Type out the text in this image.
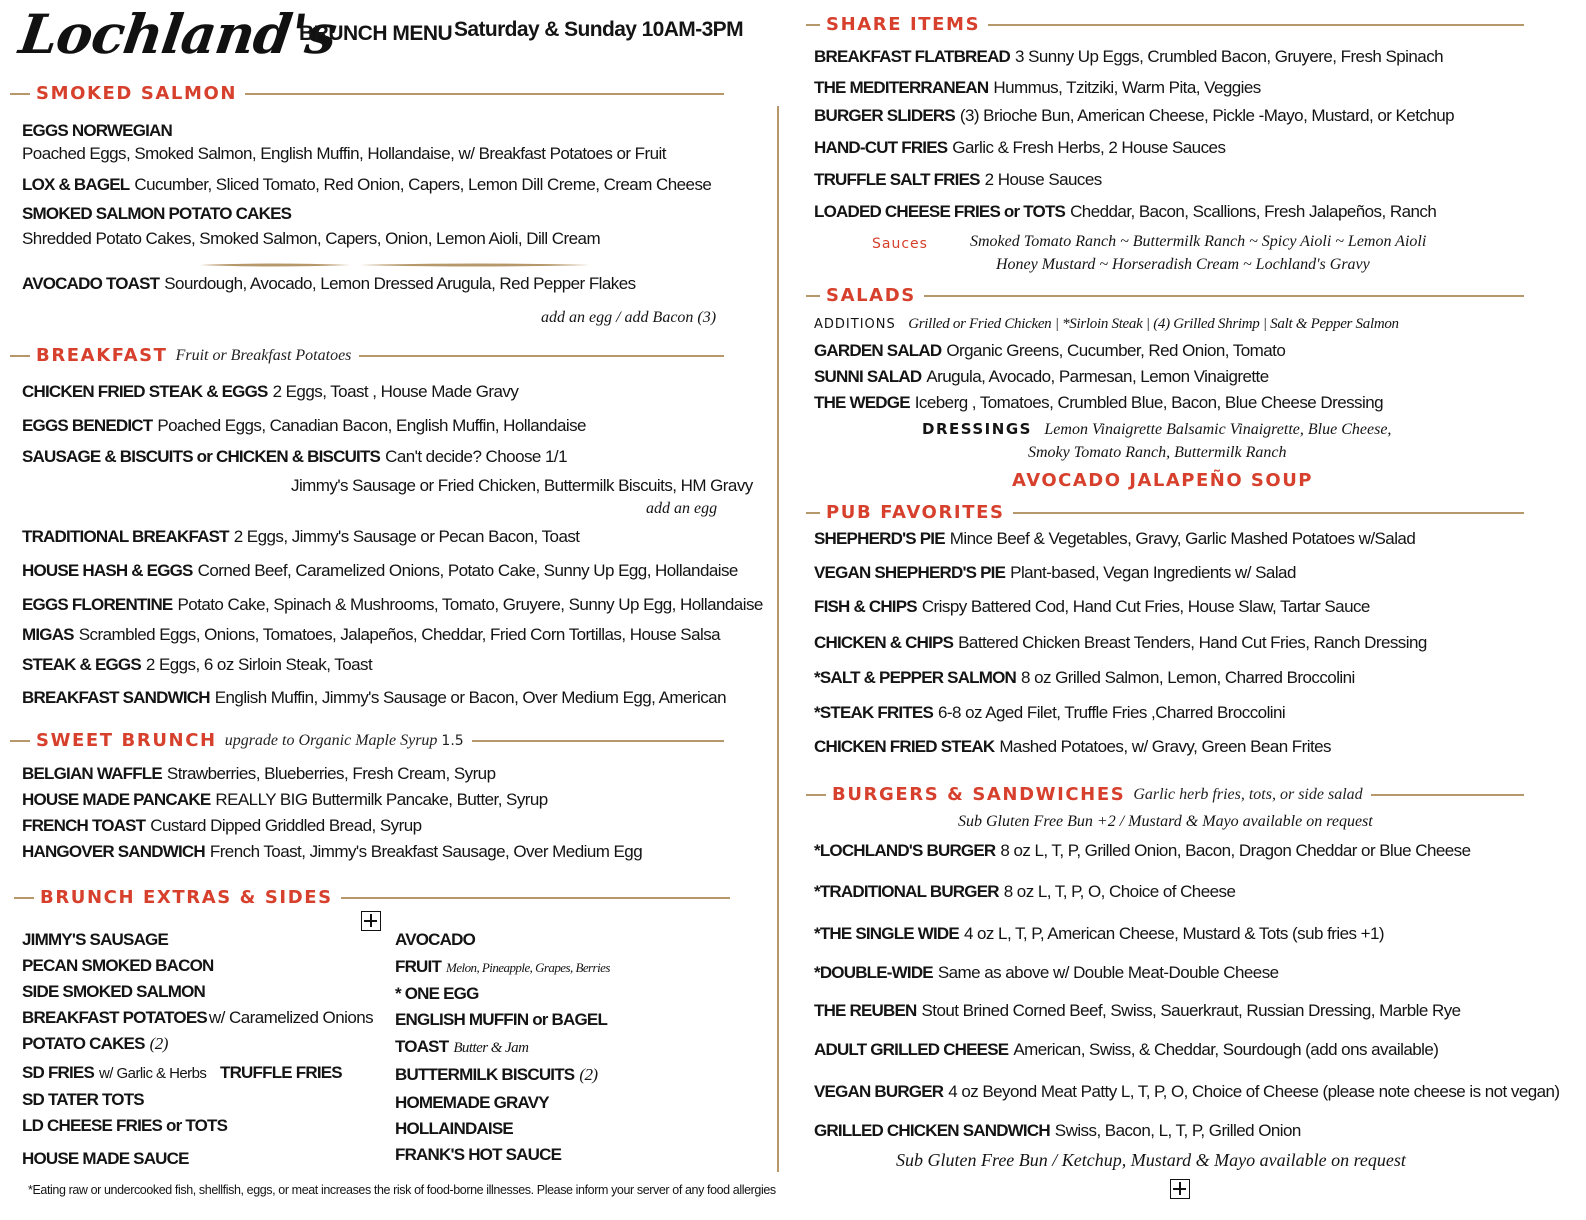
Lochland's
BRUNCH MENU Saturday & Sunday 10AM-3PM
SMOKED SALMON
EGGS NORWEGIAN
Poached Eggs, Smoked Salmon, English Muffin, Hollandaise, w/ Breakfast Potatoes or Fruit
LOX & BAGEL Cucumber, Sliced Tomato, Red Onion, Capers, Lemon Dill Creme, Cream Cheese
SMOKED SALMON POTATO CAKES
Shredded Potato Cakes, Smoked Salmon, Capers, Onion, Lemon Aioli, Dill Cream
AVOCADO TOAST Sourdough, Avocado, Lemon Dressed Arugula, Red Pepper Flakes
add an egg / add Bacon (3)
BREAKFAST Fruit or Breakfast Potatoes
CHICKEN FRIED STEAK & EGGS 2 Eggs, Toast , House Made Gravy
EGGS BENEDICT Poached Eggs, Canadian Bacon, English Muffin, Hollandaise
SAUSAGE & BISCUITS or CHICKEN & BISCUITS Can't decide? Choose 1/1
Jimmy's Sausage or Fried Chicken, Buttermilk Biscuits, HM Gravy
add an egg
TRADITIONAL BREAKFAST 2 Eggs, Jimmy's Sausage or Pecan Bacon, Toast
HOUSE HASH & EGGS Corned Beef, Caramelized Onions, Potato Cake, Sunny Up Egg, Hollandaise
EGGS FLORENTINE Potato Cake, Spinach & Mushrooms, Tomato, Gruyere, Sunny Up Egg, Hollandaise
MIGAS Scrambled Eggs, Onions, Tomatoes, Jalapeños, Cheddar, Fried Corn Tortillas, House Salsa
STEAK & EGGS 2 Eggs, 6 oz Sirloin Steak, Toast
BREAKFAST SANDWICH English Muffin, Jimmy's Sausage or Bacon, Over Medium Egg, American
SWEET BRUNCH upgrade to Organic Maple Syrup 1.5
BELGIAN WAFFLE Strawberries, Blueberries, Fresh Cream, Syrup
HOUSE MADE PANCAKE REALLY BIG Buttermilk Pancake, Butter, Syrup
FRENCH TOAST Custard Dipped Griddled Bread, Syrup
HANGOVER SANDWICH French Toast, Jimmy's Breakfast Sausage, Over Medium Egg
BRUNCH EXTRAS & SIDES
JIMMY'S SAUSAGE
PECAN SMOKED BACON
SIDE SMOKED SALMON
BREAKFAST POTATOES w/ Caramelized Onions
POTATO CAKES (2)
SD FRIES w/ Garlic & Herbs TRUFFLE FRIES
SD TATER TOTS
LD CHEESE FRIES or TOTS
HOUSE MADE SAUCE
AVOCADO
FRUIT Melon, Pineapple, Grapes, Berries
* ONE EGG
ENGLISH MUFFIN or BAGEL
TOAST Butter & Jam
BUTTERMILK BISCUITS (2)
HOMEMADE GRAVY
HOLLAINDAISE
FRANK'S HOT SAUCE
*Eating raw or undercooked fish, shellfish, eggs, or meat increases the risk of food-borne illnesses. Please inform your server of any food allergies
SHARE ITEMS
BREAKFAST FLATBREAD 3 Sunny Up Eggs, Crumbled Bacon, Gruyere, Fresh Spinach
THE MEDITERRANEAN Hummus, Tzitziki, Warm Pita, Veggies
BURGER SLIDERS (3) Brioche Bun, American Cheese, Pickle -Mayo, Mustard, or Ketchup
HAND-CUT FRIES Garlic & Fresh Herbs, 2 House Sauces
TRUFFLE SALT FRIES 2 House Sauces
LOADED CHEESE FRIES or TOTS Cheddar, Bacon, Scallions, Fresh Jalapeños, Ranch
Sauces	Smoked Tomato Ranch ~ Buttermilk Ranch ~ Spicy Aioli ~ Lemon Aioli
Honey Mustard ~ Horseradish Cream ~ Lochland's Gravy
SALADS
ADDITIONS Grilled or Fried Chicken | *Sirloin Steak | (4) Grilled Shrimp | Salt & Pepper Salmon
GARDEN SALAD Organic Greens, Cucumber, Red Onion, Tomato
SUNNI SALAD Arugula, Avocado, Parmesan, Lemon Vinaigrette
THE WEDGE Iceberg , Tomatoes, Crumbled Blue, Bacon, Blue Cheese Dressing
DRESSINGS Lemon Vinaigrette Balsamic Vinaigrette, Blue Cheese,
Smoky Tomato Ranch, Buttermilk Ranch
AVOCADO JALAPEÑO SOUP
PUB FAVORITES
SHEPHERD'S PIE Mince Beef & Vegetables, Gravy, Garlic Mashed Potatoes w/Salad
VEGAN SHEPHERD'S PIE Plant-based, Vegan Ingredients w/ Salad
FISH & CHIPS Crispy Battered Cod, Hand Cut Fries, House Slaw, Tartar Sauce
CHICKEN & CHIPS Battered Chicken Breast Tenders, Hand Cut Fries, Ranch Dressing
*SALT & PEPPER SALMON 8 oz Grilled Salmon, Lemon, Charred Broccolini
*STEAK FRITES 6-8 oz Aged Filet, Truffle Fries ,Charred Broccolini
CHICKEN FRIED STEAK Mashed Potatoes, w/ Gravy, Green Bean Frites
BURGERS & SANDWICHES Garlic herb fries, tots, or side salad
Sub Gluten Free Bun +2 / Mustard & Mayo available on request
*LOCHLAND'S BURGER 8 oz L, T, P, Grilled Onion, Bacon, Dragon Cheddar or Blue Cheese
*TRADITIONAL BURGER 8 oz L, T, P, O, Choice of Cheese
*THE SINGLE WIDE 4 oz L, T, P, American Cheese, Mustard & Tots (sub fries +1)
*DOUBLE-WIDE Same as above w/ Double Meat-Double Cheese
THE REUBEN Stout Brined Corned Beef, Swiss, Sauerkraut, Russian Dressing, Marble Rye
ADULT GRILLED CHEESE American, Swiss, & Cheddar, Sourdough (add ons available)
VEGAN BURGER 4 oz Beyond Meat Patty L, T, P, O, Choice of Cheese (please note cheese is not vegan)
GRILLED CHICKEN SANDWICH Swiss, Bacon, L, T, P, Grilled Onion
Sub Gluten Free Bun / Ketchup, Mustard & Mayo available on request
